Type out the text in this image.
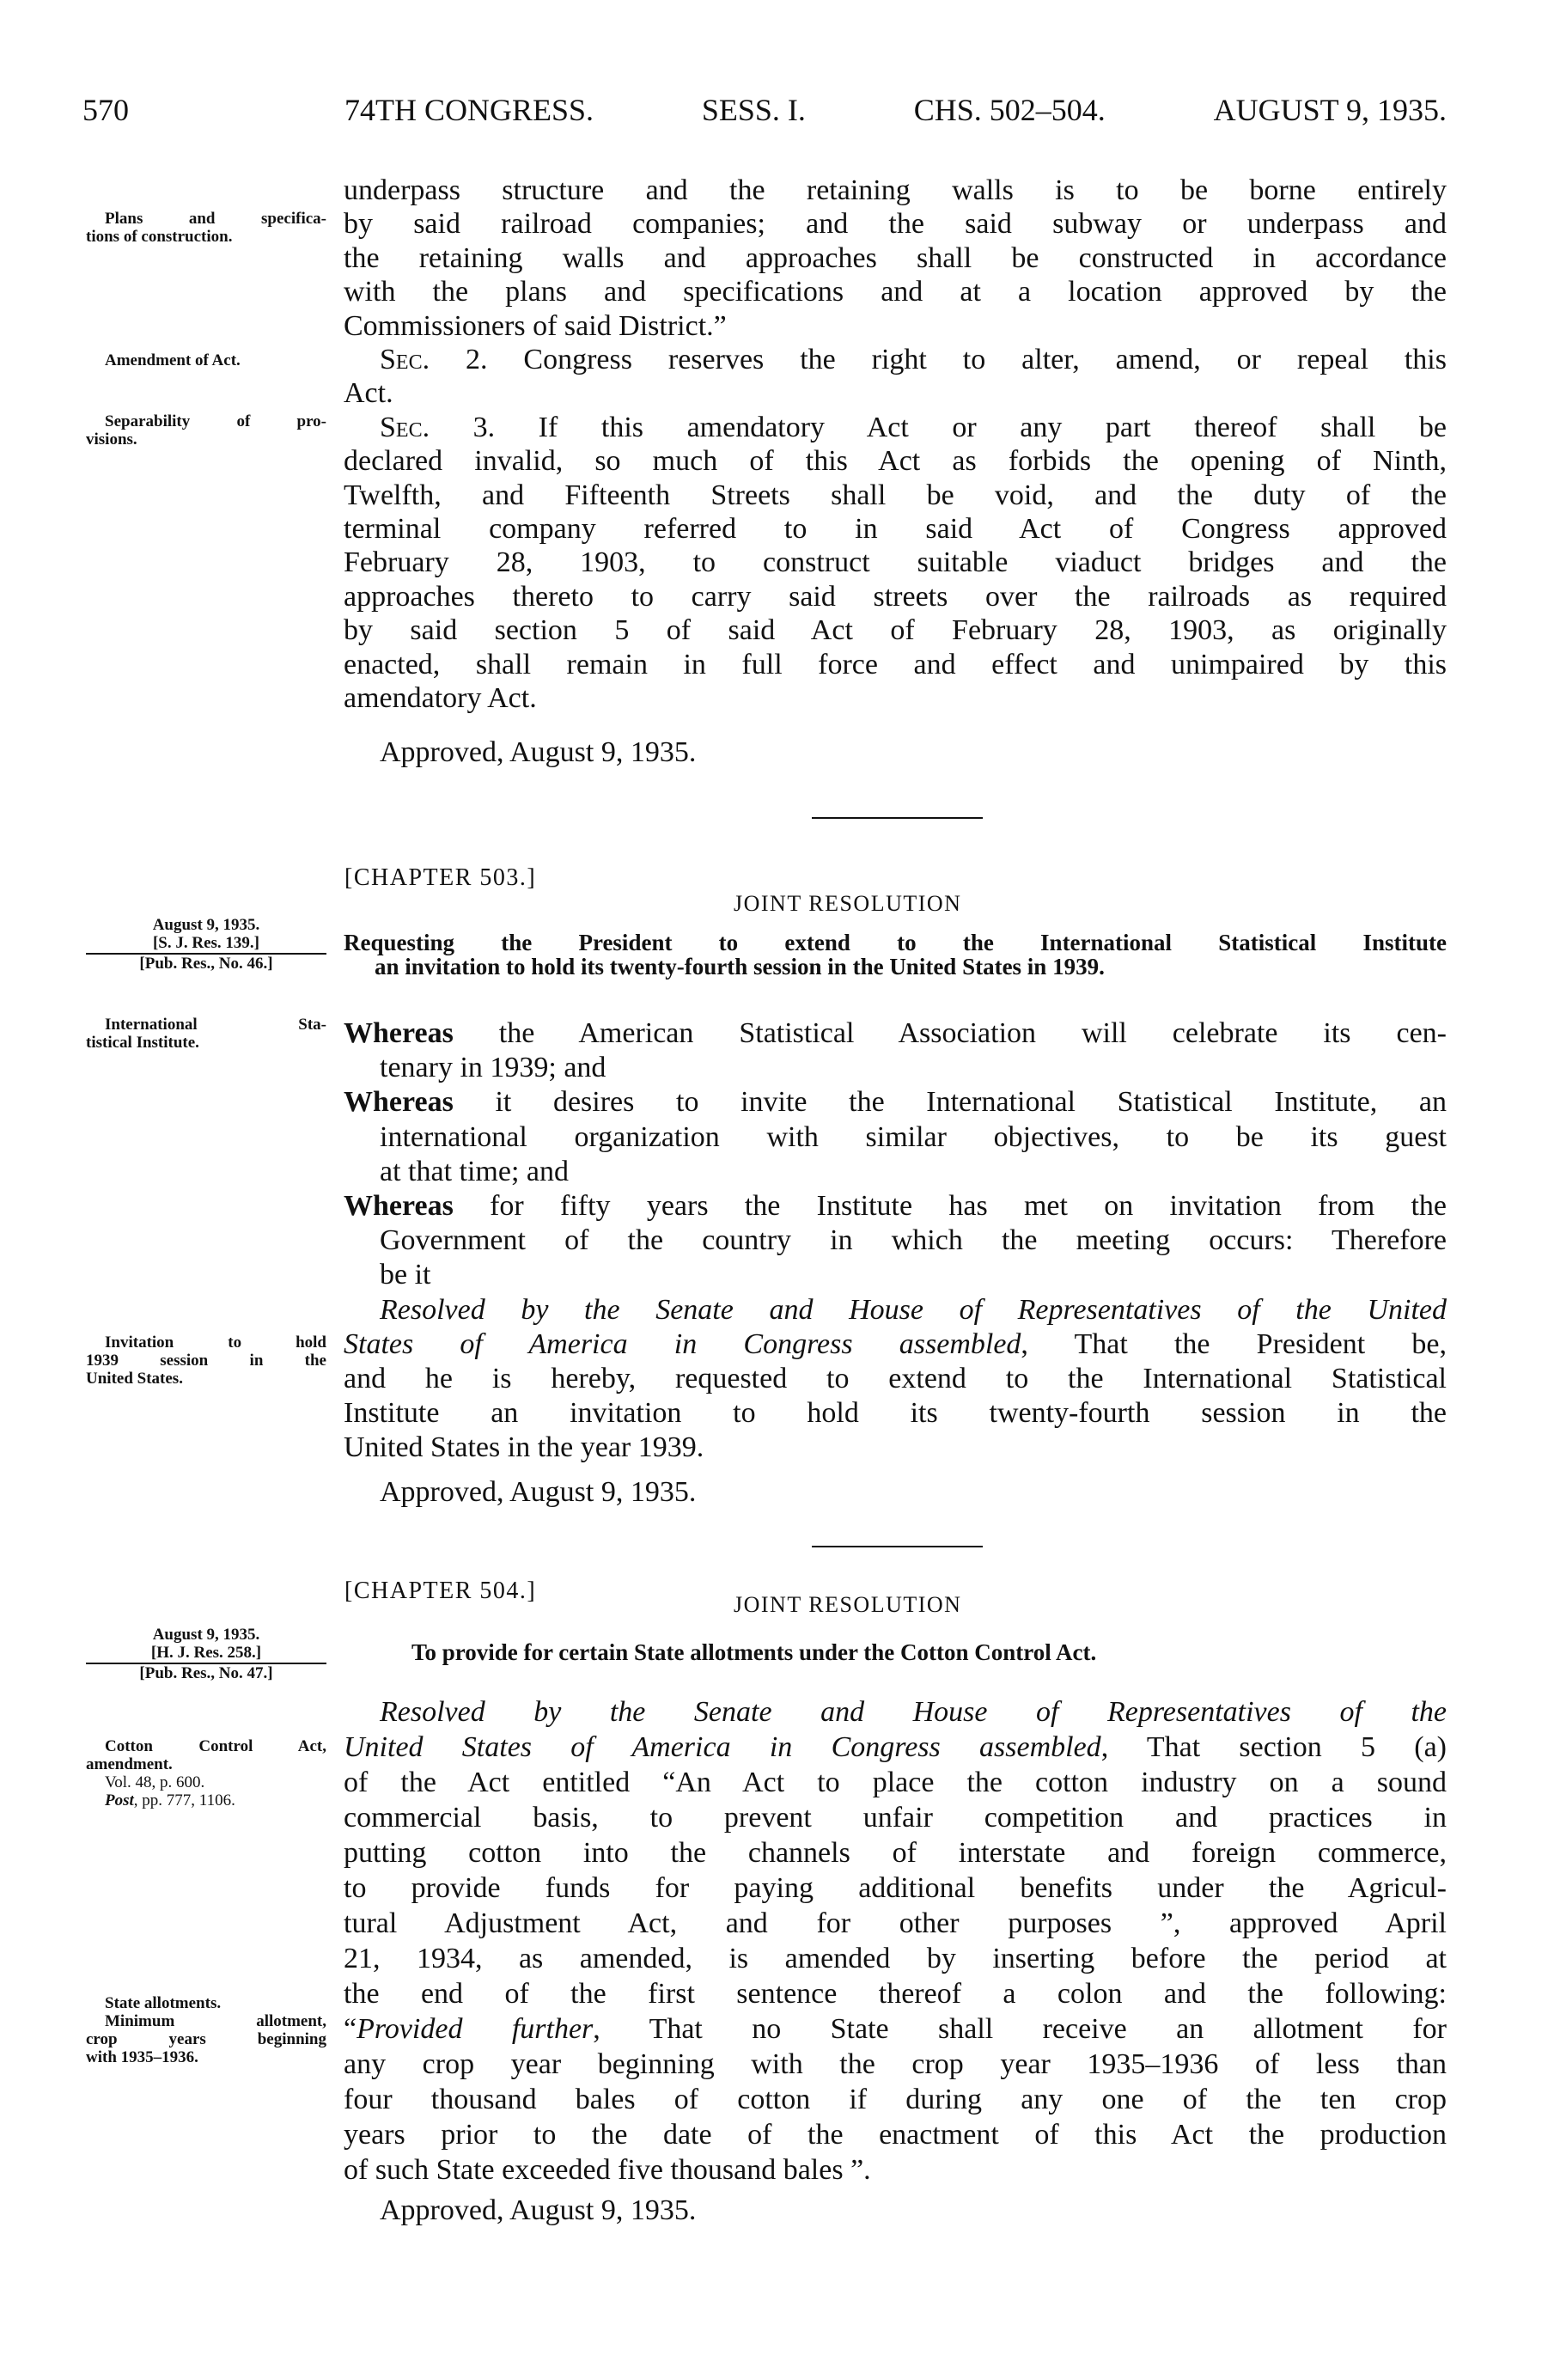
570	74TH CONGRESS.	SESS. I.	CHS. 502–504.	AUGUST 9, 1935.
underpass structure and the retaining walls is to be borne entirely
by said railroad companies; and the said subway or underpass and
the retaining walls and approaches shall be constructed in accordance
with the plans and specifications and at a location approved by the
Commissioners of said District.”
Sec. 2. Congress reserves the right to alter, amend, or repeal this
Act.
Sec. 3. If this amendatory Act or any part thereof shall be
declared invalid, so much of this Act as forbids the opening of Ninth,
Twelfth, and Fifteenth Streets shall be void, and the duty of the
terminal company referred to in said Act of Congress approved
February 28, 1903, to construct suitable viaduct bridges and the
approaches thereto to carry said streets over the railroads as required
by said section 5 of said Act of February 28, 1903, as originally
enacted, shall remain in full force and effect and unimpaired by this
amendatory Act.
Approved, August 9, 1935.
Whereas the American Statistical Association will celebrate its cen-
tenary in 1939; and
Whereas it desires to invite the International Statistical Institute, an
international organization with similar objectives, to be its guest
at that time; and
Whereas for fifty years the Institute has met on invitation from the
Government of the country in which the meeting occurs: Therefore
be it
Resolved by the Senate and House of Representatives of the United
States of America in Congress assembled, That the President be,
and he is hereby, requested to extend to the International Statistical
Institute an invitation to hold its twenty-fourth session in the
United States in the year 1939.
Approved, August 9, 1935.
Resolved by the Senate and House of Representatives of the
United States of America in Congress assembled, That section 5 (a)
of the Act entitled “An Act to place the cotton industry on a sound
commercial basis, to prevent unfair competition and practices in
putting cotton into the channels of interstate and foreign commerce,
to provide funds for paying additional benefits under the Agricul-
tural Adjustment Act, and for other purposes ”, approved April
21, 1934, as amended, is amended by inserting before the period at
the end of the first sentence thereof a colon and the following:
“Provided further, That no State shall receive an allotment for
any crop year beginning with the crop year 1935–1936 of less than
four thousand bales of cotton if during any one of the ten crop
years prior to the date of the enactment of this Act the production
of such State exceeded five thousand bales ”.
Approved, August 9, 1935.
[CHAPTER 503.]
JOINT RESOLUTION
Requesting the President to extend to the International Statistical Institute
an invitation to hold its twenty-fourth session in the United States in 1939.
[CHAPTER 504.]
JOINT RESOLUTION
To provide for certain State allotments under the Cotton Control Act.
Plans and specifica-
tions of construction.
Amendment of Act.
Separability of pro-
visions.
August 9, 1935.
[S. J. Res. 139.]
[Pub. Res., No. 46.]
International Sta-
tistical Institute.
Invitation to hold
1939 session in the
United States.
August 9, 1935.
[H. J. Res. 258.]
[Pub. Res., No. 47.]
Cotton Control Act,
amendment.
Vol. 48, p. 600.
Post, pp. 777, 1106.
State allotments.
Minimum allotment,
crop years beginning
with 1935–1936.
